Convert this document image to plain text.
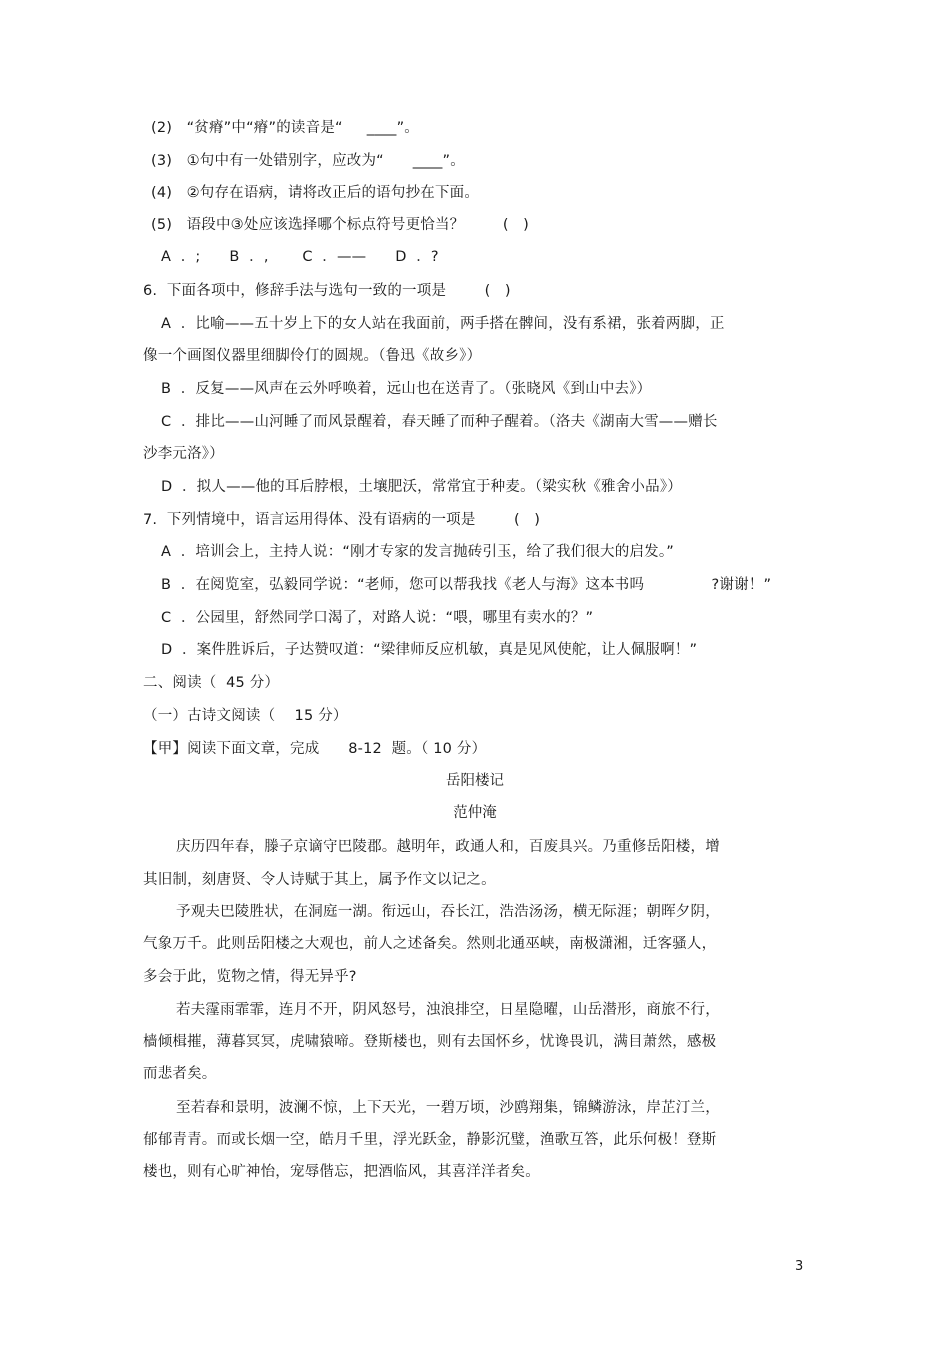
(2)   “贫瘠”中“瘠”的读音是“     ____”。
(3)   ①句中有一处错别字，应改为“      ____”。
(4)   ②句存在语病，请将改正后的语句抄在下面。
(5)   语段中③处应该选择哪个标点符号更恰当？        (   )
A  ．;      B  ．,       C  ．——      D  ．?
6.  下面各项中，修辞手法与选句一致的一项是        (   )
A  ．比喻——五十岁上下的女人站在我面前，两手搭在髀间，没有系裙，张着两脚，正
像一个画图仪器里细脚伶仃的圆规。（鲁迅《故乡》）
B  ．反复——风声在云外呼唤着，远山也在送青了。（张晓风《到山中去》）
C  ．排比——山河睡了而风景醒着，春天睡了而种子醒着。（洛夫《湖南大雪——赠长
沙李元洛》）
D  ．拟人——他的耳后脖根，土壤肥沃，常常宜于种麦。（梁实秋《雅舍小品》）
7.  下列情境中，语言运用得体、没有语病的一项是        (   )
A  ．培训会上，主持人说：“刚才专家的发言抛砖引玉，给了我们很大的启发。”
B  ．在阅览室，弘毅同学说：“老师，您可以帮我找《老人与海》这本书吗              ?谢谢！”
C  ．公园里，舒然同学口渴了，对路人说：“喂，哪里有卖水的？”
D  ．案件胜诉后，子达赞叹道：“梁律师反应机敏，真是见风使舵，让人佩服啊！”
二、阅读（  45 分）
（一）古诗文阅读（    15 分）
【甲】阅读下面文章，完成      8-12  题。（ 10 分）
岳阳楼记
范仲淹
庆历四年春，滕子京谪守巴陵郡。越明年，政通人和，百废具兴。乃重修岳阳楼，增
其旧制，刻唐贤、令人诗赋于其上，属予作文以记之。
予观夫巴陵胜状，在洞庭一湖。衔远山，吞长江，浩浩汤汤，横无际涯；朝晖夕阴，
气象万千。此则岳阳楼之大观也，前人之述备矣。然则北通巫峡，南极潇湘，迁客骚人，
多会于此，览物之情，得无异乎?
若夫霪雨霏霏，连月不开，阴风怒号，浊浪排空，日星隐曜，山岳潜形，商旅不行，
樯倾楫摧，薄暮冥冥，虎啸猿啼。登斯楼也，则有去国怀乡，忧谗畏讥，满目萧然，感极
而悲者矣。
至若春和景明，波澜不惊，上下天光，一碧万顷，沙鸥翔集，锦鳞游泳，岸芷汀兰，
郁郁青青。而或长烟一空，皓月千里，浮光跃金，静影沉璧，渔歌互答，此乐何极！登斯
楼也，则有心旷神怡，宠辱偕忘，把酒临风，其喜洋洋者矣。
3
